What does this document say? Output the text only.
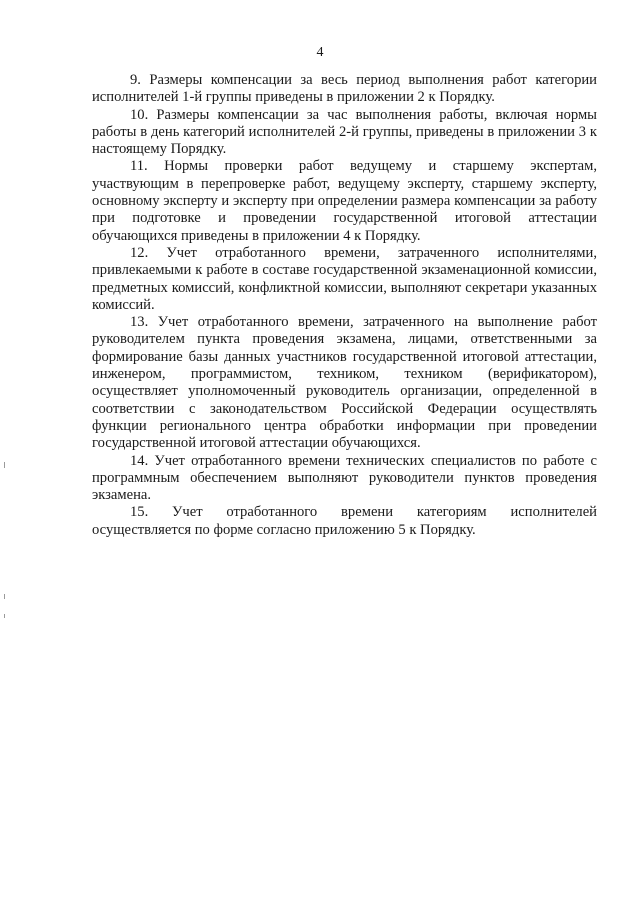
4

9. Размеры компенсации за весь период выполнения работ категории исполнителей 1-й группы приведены в приложении 2 к Порядку.

10. Размеры компенсации за час выполнения работы, включая нормы работы в день категорий исполнителей 2-й группы, приведены в приложении 3 к настоящему Порядку.

11. Нормы проверки работ ведущему и старшему экспертам, участвующим в перепроверке работ, ведущему эксперту, старшему эксперту, основному эксперту и эксперту при определении размера компенсации за работу при подготовке и проведении государственной итоговой аттестации обучающихся приведены в приложении 4 к Порядку.

12. Учет отработанного времени, затраченного исполнителями, привлекаемыми к работе в составе государственной экзаменационной комиссии, предметных комиссий, конфликтной комиссии, выполняют секретари указанных комиссий.

13. Учет отработанного времени, затраченного на выполнение работ руководителем пункта проведения экзамена, лицами, ответственными за формирование базы данных участников государственной итоговой аттестации, инженером, программистом, техником, техником (верификатором), осуществляет уполномоченный руководитель организации, определенной в соответствии с законодательством Российской Федерации осуществлять функции регионального центра обработки информации при проведении государственной итоговой аттестации обучающихся.

14. Учет отработанного времени технических специалистов по работе с программным обеспечением выполняют руководители пунктов проведения экзамена.

15. Учет отработанного времени категориям исполнителей осуществляется по форме согласно приложению 5 к Порядку.
